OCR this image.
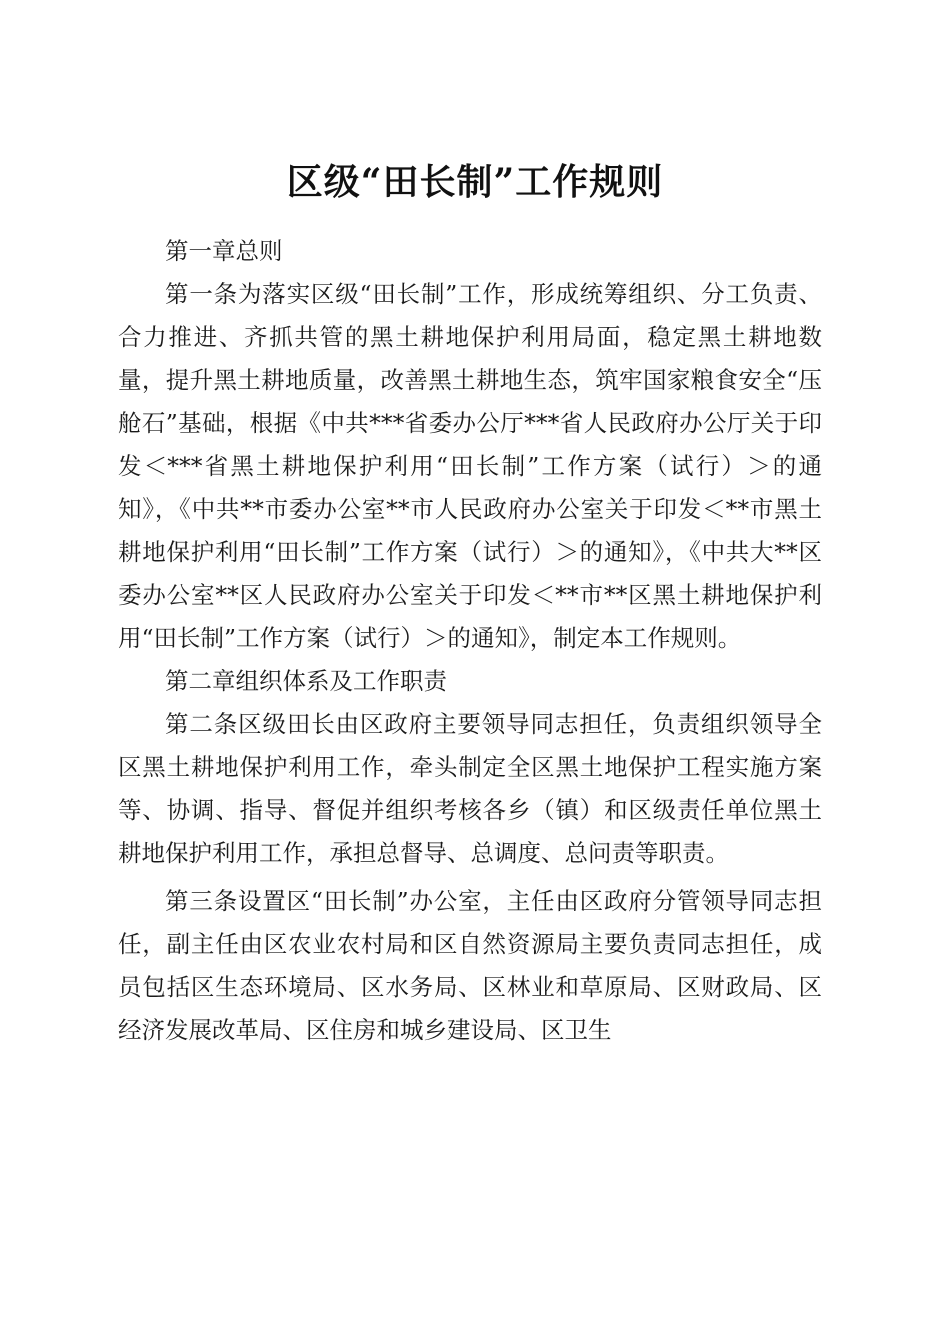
区级“田长制”工作规则

第一章总则

第一条为落实区级“田长制”工作，形成统筹组织、分工负责、合力推进、齐抓共管的黑土耕地保护利用局面，稳定黑土耕地数量，提升黑土耕地质量，改善黑土耕地生态，筑牢国家粮食安全“压舱石”基础，根据《中共***省委办公厅***省人民政府办公厅关于印发＜***省黑土耕地保护利用“田长制”工作方案（试行）＞的通知》，《中共**市委办公室**市人民政府办公室关于印发＜**市黑土耕地保护利用“田长制”工作方案（试行）＞的通知》，《中共大**区委办公室**区人民政府办公室关于印发＜**市**区黑土耕地保护利用“田长制”工作方案（试行）＞的通知》，制定本工作规则。

第二章组织体系及工作职责

第二条区级田长由区政府主要领导同志担任，负责组织领导全区黑土耕地保护利用工作，牵头制定全区黑土地保护工程实施方案等、协调、指导、督促并组织考核各乡（镇）和区级责任单位黑土耕地保护利用工作，承担总督导、总调度、总问责等职责。

第三条设置区“田长制”办公室，主任由区政府分管领导同志担任，副主任由区农业农村局和区自然资源局主要负责同志担任，成员包括区生态环境局、区水务局、区林业和草原局、区财政局、区经济发展改革局、区住房和城乡建设局、区卫生
